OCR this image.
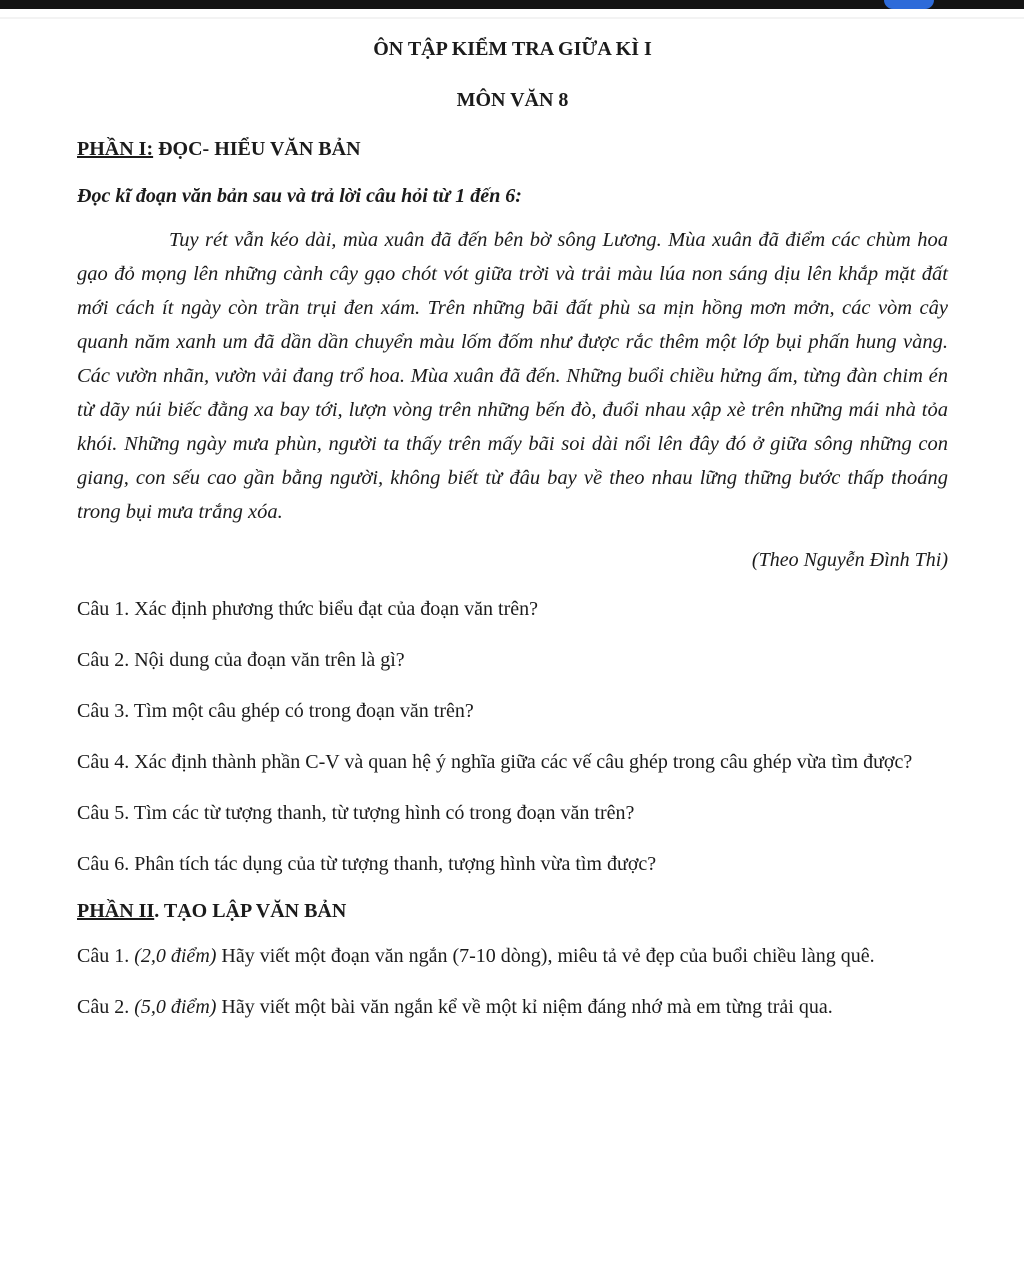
ÔN TẬP KIỂM TRA GIỮA KÌ I

MÔN VĂN 8

PHẦN I: ĐỌC- HIỂU VĂN BẢN

Đọc kĩ đoạn văn bản sau và trả lời câu hỏi từ 1 đến 6:

Tuy rét vẫn kéo dài, mùa xuân đã đến bên bờ sông Lương. Mùa xuân đã điểm các chùm hoa gạo đỏ mọng lên những cành cây gạo chót vót giữa trời và trải màu lúa non sáng dịu lên khắp mặt đất mới cách ít ngày còn trần trụi đen xám. Trên những bãi đất phù sa mịn hồng mơn mởn, các vòm cây quanh năm xanh um đã dần dần chuyển màu lốm đốm như được rắc thêm một lớp bụi phấn hung vàng. Các vườn nhãn, vườn vải đang trổ hoa. Mùa xuân đã đến. Những buổi chiều hửng ấm, từng đàn chim én từ dãy núi biếc đằng xa bay tới, lượn vòng trên những bến đò, đuổi nhau xập xè trên những mái nhà tỏa khói. Những ngày mưa phùn, người ta thấy trên mấy bãi soi dài nổi lên đây đó ở giữa sông những con giang, con sếu cao gần bằng người, không biết từ đâu bay về theo nhau lững thững bước thấp thoáng trong bụi mưa trắng xóa.

(Theo Nguyễn Đình Thi)

Câu 1. Xác định phương thức biểu đạt của đoạn văn trên?

Câu 2. Nội dung của đoạn văn trên là gì?

Câu 3. Tìm một câu ghép có trong đoạn văn trên?

Câu 4. Xác định thành phần C-V và quan hệ ý nghĩa giữa các vế câu ghép trong câu ghép vừa tìm được?

Câu 5. Tìm các từ tượng thanh, từ tượng hình có trong đoạn văn trên?

Câu 6. Phân tích tác dụng của từ tượng thanh, tượng hình vừa tìm được?

PHẦN II. TẠO LẬP VĂN BẢN

Câu 1. (2,0 điểm) Hãy viết một đoạn văn ngắn (7-10 dòng), miêu tả vẻ đẹp của buổi chiều làng quê.

Câu 2. (5,0 điểm) Hãy viết một bài văn ngắn kể về một kỉ niệm đáng nhớ mà em từng trải qua.
